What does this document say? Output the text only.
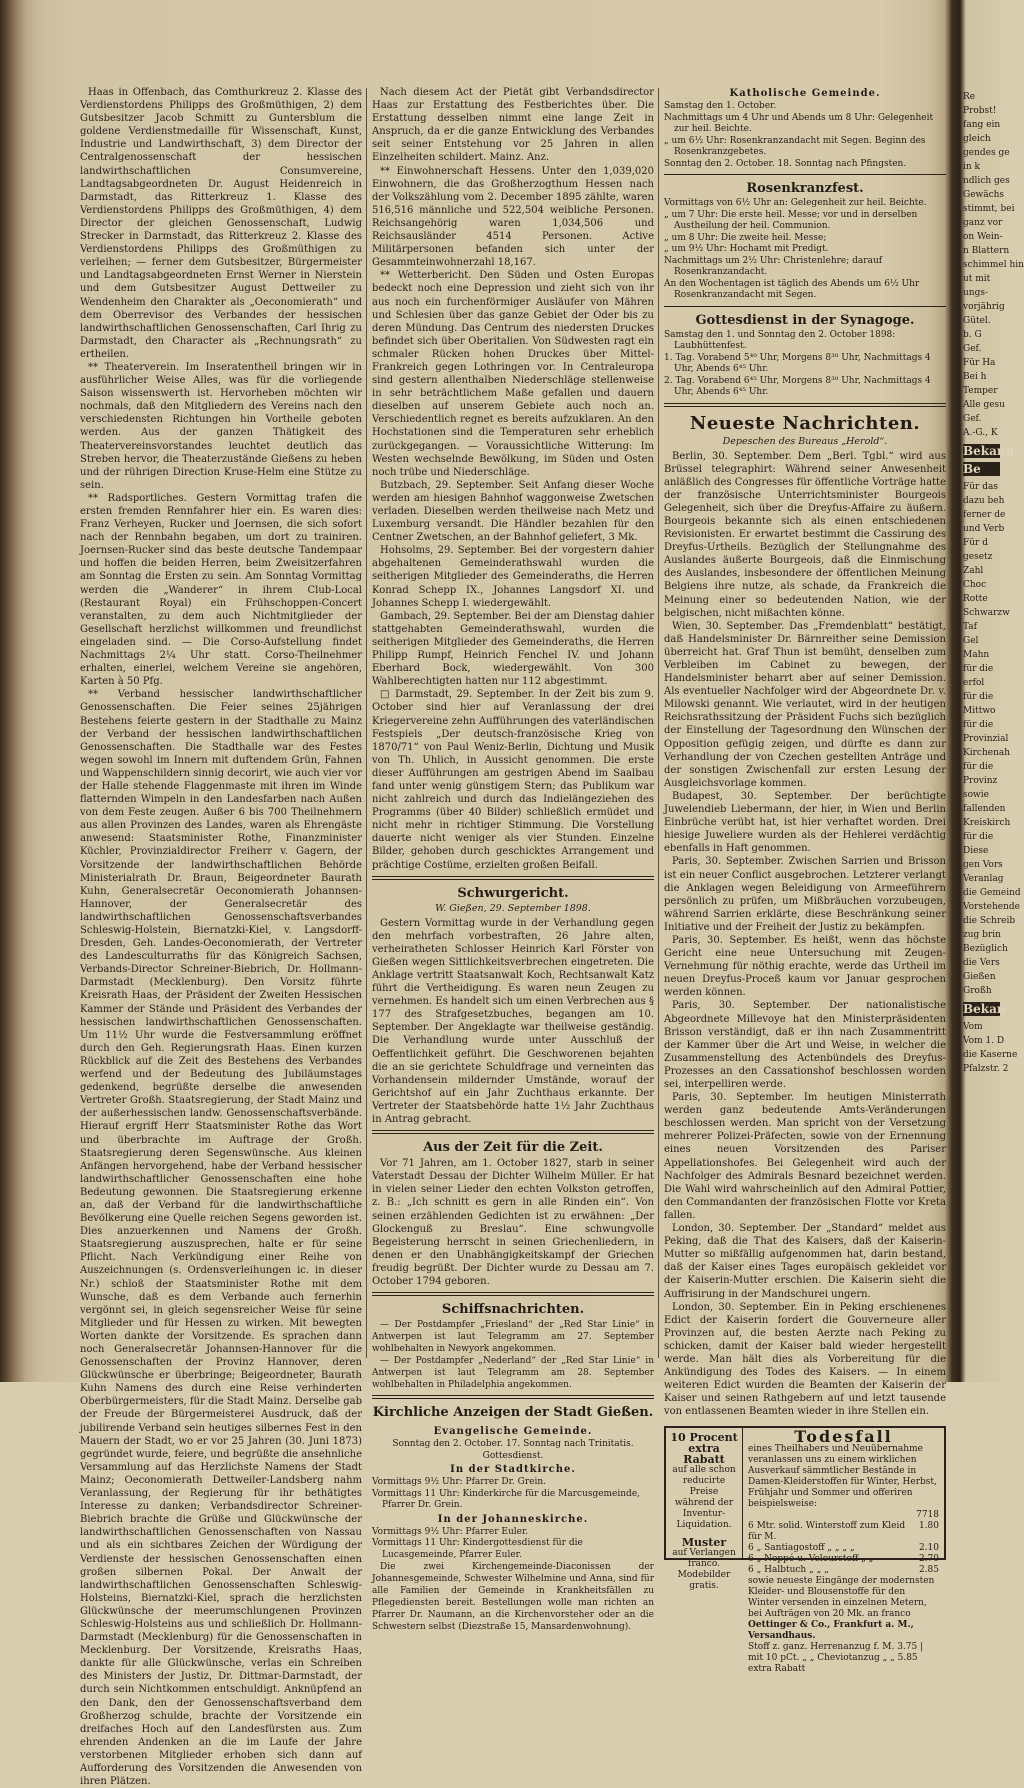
Haas in Offenbach, das Comthurkreuz 2. Klasse des Verdienstordens Philipps des Großmüthigen, 2) dem Gutsbesitzer Jacob Schmitt zu Guntersblum die goldene Verdienstmedaille für Wissenschaft, Kunst, Industrie und Landwirthschaft, 3) dem Director der Centralgenossenschaft der hessischen landwirthschaftlichen Consumvereine, Landtagsabgeordneten Dr. August Heidenreich in Darmstadt, das Ritterkreuz 1. Klasse des Verdienstordens Philipps des Großmüthigen, 4) dem Director der gleichen Genossenschaft, Ludwig Strecker in Darmstadt, das Ritterkreuz 2. Klasse des Verdienstordens Philipps des Großmüthigen zu verleihen; — ferner dem Gutsbesitzer, Bürgermeister und Landtagsabgeordneten Ernst Werner in Nierstein und dem Gutsbesitzer August Dettweiler zu Wendenheim den Charakter als „Oeconomierath“ und dem Oberrevisor des Verbandes der hessischen landwirthschaftlichen Genossenschaften, Carl Ihrig zu Darmstadt, den Character als „Rechnungsrath“ zu ertheilen.

** Theaterverein. Im Inseratentheil bringen wir in ausführlicher Weise Alles, was für die vorliegende Saison wissenswerth ist. Hervorheben möchten wir nochmals, daß den Mitgliedern des Vereins nach den verschiedensten Richtungen hin Vortheile geboten werden. Aus der ganzen Thätigkeit des Theatervereinsvorstandes leuchtet deutlich das Streben hervor, die Theaterzustände Gießens zu heben und der rührigen Direction Kruse-Helm eine Stütze zu sein.

** Radsportliches. Gestern Vormittag trafen die ersten fremden Rennfahrer hier ein. Es waren dies: Franz Verheyen, Rucker und Joernsen, die sich sofort nach der Rennbahn begaben, um dort zu trainiren. Joernsen-Rucker sind das beste deutsche Tandempaar und hoffen die beiden Herren, beim Zweisitzerfahren am Sonntag die Ersten zu sein. Am Sonntag Vormittag werden die „Wanderer“ in ihrem Club-Local (Restaurant Royal) ein Frühschoppen-Concert veranstalten, zu dem auch Nichtmitglieder der Gesellschaft herzlichst willkommen und freundlichst eingeladen sind. — Die Corso-Aufstellung findet Nachmittags 2¼ Uhr statt. Corso-Theilnehmer erhalten, einerlei, welchem Vereine sie angehören, Karten à 50 Pfg.

** Verband hessischer landwirthschaftlicher Genossenschaften. Die Feier seines 25jährigen Bestehens feierte gestern in der Stadthalle zu Mainz der Verband der hessischen landwirthschaftlichen Genossenschaften. Die Stadthalle war des Festes wegen sowohl im Innern mit duftendem Grün, Fahnen und Wappenschildern sinnig decorirt, wie auch vier vor der Halle stehende Flaggenmaste mit ihren im Winde flatternden Wimpeln in den Landesfarben nach Außen von dem Feste zeugen. Außer 6 bis 700 Theilnehmern aus allen Provinzen des Landes, waren als Ehrengäste anwesend: Staatsminister Rothe, Finanzminister Küchler, Provinzialdirector Freiherr v. Gagern, der Vorsitzende der landwirthschaftlichen Behörde Ministerialrath Dr. Braun, Beigeordneter Baurath Kuhn, Generalsecretär Oeconomierath Johannsen-Hannover, der Generalsecretär des landwirthschaftlichen Genossenschaftsverbandes Schleswig-Holstein, Biernatzki-Kiel, v. Langsdorff-Dresden, Geh. Landes-Oeconomierath, der Vertreter des Landesculturraths für das Königreich Sachsen, Verbands-Director Schreiner-Biebrich, Dr. Hollmann-Darmstadt (Mecklenburg). Den Vorsitz führte Kreisrath Haas, der Präsident der Zweiten Hessischen Kammer der Stände und Präsident des Verbandes der hessischen landwirthschaftlichen Genossenschaften. Um 11½ Uhr wurde die Festversammlung eröffnet durch den Geh. Regierungsrath Haas. Einen kurzen Rückblick auf die Zeit des Bestehens des Verbandes werfend und der Bedeutung des Jubiläumstages gedenkend, begrüßte derselbe die anwesenden Vertreter Großh. Staatsregierung, der Stadt Mainz und der außerhessischen landw. Genossenschaftsverbände. Hierauf ergriff Herr Staatsminister Rothe das Wort und überbrachte im Auftrage der Großh. Staatsregierung deren Segenswünsche. Aus kleinen Anfängen hervorgehend, habe der Verband hessischer landwirthschaftlicher Genossenschaften eine hohe Bedeutung gewonnen. Die Staatsregierung erkenne an, daß der Verband für die landwirthschaftliche Bevölkerung eine Quelle reichen Segens geworden ist. Dies anzuerkennen und Namens der Großh. Staatsregierung auszusprechen, halte er für seine Pflicht. Nach Verkündigung einer Reihe von Auszeichnungen (s. Ordensverleihungen ic. in dieser Nr.) schloß der Staatsminister Rothe mit dem Wunsche, daß es dem Verbande auch fernerhin vergönnt sei, in gleich segensreicher Weise für seine Mitglieder und für Hessen zu wirken. Mit bewegten Worten dankte der Vorsitzende. Es sprachen dann noch Generalsecretär Johannsen-Hannover für die Genossenschaften der Provinz Hannover, deren Glückwünsche er überbringe; Beigeordneter, Baurath Kuhn Namens des durch eine Reise verhinderten Oberbürgermeisters, für die Stadt Mainz. Derselbe gab der Freude der Bürgermeisterei Ausdruck, daß der jubilirende Verband sein heutiges silbernes Fest in den Mauern der Stadt, wo er vor 25 Jahren (30. Juni 1873) gegründet wurde, feiere, und begrüßte die ansehnliche Versammlung auf das Herzlichste Namens der Stadt Mainz; Oeconomierath Dettweiler-Landsberg nahm Veranlassung, der Regierung für ihr bethätigtes Interesse zu danken; Verbandsdirector Schreiner-Biebrich brachte die Grüße und Glückwünsche der landwirthschaftlichen Genossenschaften von Nassau und als ein sichtbares Zeichen der Würdigung der Verdienste der hessischen Genossenschaften einen großen silbernen Pokal. Der Anwalt der landwirthschaftlichen Genossenschaften Schleswig-Holsteins, Biernatzki-Kiel, sprach die herzlichsten Glückwünsche der meerumschlungenen Provinzen Schleswig-Holsteins aus und schließlich Dr. Hollmann-Darmstadt (Mecklenburg) für die Genossenschaften in Mecklenburg. Der Vorsitzende, Kreisraths Haas, dankte für alle Glückwünsche, verlas ein Schreiben des Ministers der Justiz, Dr. Dittmar-Darmstadt, der durch sein Nichtkommen entschuldigt. Anknüpfend an den Dank, den der Genossenschaftsverband dem Großherzog schulde, brachte der Vorsitzende ein dreifaches Hoch auf den Landesfürsten aus. Zum ehrenden Andenken an die im Laufe der Jahre verstorbenen Mitglieder erhoben sich dann auf Aufforderung des Vorsitzenden die Anwesenden von ihren Plätzen.

Nach diesem Act der Pietät gibt Verbandsdirector Haas zur Erstattung des Festberichtes über. Die Erstattung desselben nimmt eine lange Zeit in Anspruch, da er die ganze Entwicklung des Verbandes seit seiner Entstehung vor 25 Jahren in allen Einzelheiten schildert. Mainz. Anz.

** Einwohnerschaft Hessens. Unter den 1,039,020 Einwohnern, die das Großherzogthum Hessen nach der Volkszählung vom 2. December 1895 zählte, waren 516,516 männliche und 522,504 weibliche Personen. Reichsangehörig waren 1,034,506 und Reichsausländer 4514 Personen. Active Militärpersonen befanden sich unter der Gesammteinwohnerzahl 18,167.

** Wetterbericht. Den Süden und Osten Europas bedeckt noch eine Depression und zieht sich von ihr aus noch ein furchenförmiger Ausläufer von Mähren und Schlesien über das ganze Gebiet der Oder bis zu deren Mündung. Das Centrum des niedersten Druckes befindet sich über Oberitalien. Von Südwesten ragt ein schmaler Rücken hohen Druckes über Mittel-Frankreich gegen Lothringen vor. In Centraleuropa sind gestern allenthalben Niederschläge stellenweise in sehr beträchtlichem Maße gefallen und dauern dieselben auf unserem Gebiete auch noch an. Verschiedentlich regnet es bereits aufzuklaren. An den Hochstationen sind die Temperaturen sehr erheblich zurückgegangen. — Voraussichtliche Witterung: Im Westen wechselnde Bewölkung, im Süden und Osten noch trübe und Niederschläge.

Butzbach, 29. September. Seit Anfang dieser Woche werden am hiesigen Bahnhof waggonweise Zwetschen verladen. Dieselben werden theilweise nach Metz und Luxemburg versandt. Die Händler bezahlen für den Centner Zwetschen, an der Bahnhof geliefert, 3 Mk.

Hohsolms, 29. September. Bei der vorgestern dahier abgehaltenen Gemeinderathswahl wurden die seitherigen Mitglieder des Gemeinderaths, die Herren Konrad Schepp IX., Johannes Langsdorf XI. und Johannes Schepp I. wiedergewählt.

Gambach, 29. September. Bei der am Dienstag dahier stattgehabten Gemeinderathswahl, wurden die seitherigen Mitglieder des Gemeinderaths, die Herren Philipp Rumpf, Heinrich Fenchel IV. und Johann Eberhard Bock, wiedergewählt. Von 300 Wahlberechtigten hatten nur 112 abgestimmt.

□ Darmstadt, 29. September. In der Zeit bis zum 9. October sind hier auf Veranlassung der drei Kriegervereine zehn Aufführungen des vaterländischen Festspiels „Der deutsch-französische Krieg von 1870/71“ von Paul Weniz-Berlin, Dichtung und Musik von Th. Uhlich, in Aussicht genommen. Die erste dieser Aufführungen am gestrigen Abend im Saalbau fand unter wenig günstigem Stern; das Publikum war nicht zahlreich und durch das Indielängeziehen des Programms (über 40 Bilder) schließlich ermüdet und nicht mehr in richtiger Stimmung. Die Vorstellung dauerte nicht weniger als vier Stunden. Einzelne Bilder, gehoben durch geschicktes Arrangement und prächtige Costüme, erzielten großen Beifall.

Schwurgericht.
W. Gießen, 29. September 1898.

Gestern Vormittag wurde in der Verhandlung gegen den mehrfach vorbestraften, 26 Jahre alten, verheiratheten Schlosser Heinrich Karl Förster von Gießen wegen Sittlichkeitsverbrechen eingetreten. Die Anklage vertritt Staatsanwalt Koch, Rechtsanwalt Katz führt die Vertheidigung. Es waren neun Zeugen zu vernehmen. Es handelt sich um einen Verbrechen aus § 177 des Strafgesetzbuches, begangen am 10. September. Der Angeklagte war theilweise geständig. Die Verhandlung wurde unter Ausschluß der Oeffentlichkeit geführt. Die Geschworenen bejahten die an sie gerichtete Schuldfrage und verneinten das Vorhandensein mildernder Umstände, worauf der Gerichtshof auf ein Jahr Zuchthaus erkannte. Der Vertreter der Staatsbehörde hatte 1½ Jahr Zuchthaus in Antrag gebracht.

Aus der Zeit für die Zeit.

Vor 71 Jahren, am 1. October 1827, starb in seiner Vaterstadt Dessau der Dichter Wilhelm Müller. Er hat in vielen seiner Lieder den echten Volkston getroffen, z. B.: „Ich schnitt es gern in alle Rinden ein“. Von seinen erzählenden Gedichten ist zu erwähnen: „Der Glockenguß zu Breslau“. Eine schwungvolle Begeisterung herrscht in seinen Griechenliedern, in denen er den Unabhängigkeitskampf der Griechen freudig begrüßt. Der Dichter wurde zu Dessau am 7. October 1794 geboren.

Schiffsnachrichten.

— Der Postdampfer „Friesland“ der „Red Star Linie“ in Antwerpen ist laut Telegramm am 27. September wohlbehalten in Newyork angekommen.

— Der Postdampfer „Nederland“ der „Red Star Linie“ in Antwerpen ist laut Telegramm am 28. September wohlbehalten in Philadelphia angekommen.

Kirchliche Anzeigen der Stadt Gießen.
Evangelische Gemeinde.

Sonntag den 2. October. 17. Sonntag nach Trinitatis.

Gottesdienst.

In der Stadtkirche.

Vormittags 9½ Uhr: Pfarrer Dr. Grein.

Vormittags 11 Uhr: Kinderkirche für die Marcusgemeinde, Pfarrer Dr. Grein.

In der Johanneskirche.

Vormittags 9½ Uhr: Pfarrer Euler.

Vormittags 11 Uhr: Kindergottesdienst für die Lucasgemeinde, Pfarrer Euler.

Die zwei Kirchengemeinde-Diaconissen der Johannesgemeinde, Schwester Wilhelmine und Anna, sind für alle Familien der Gemeinde in Krankheitsfällen zu Pflegediensten bereit. Bestellungen wolle man richten an Pfarrer Dr. Naumann, an die Kirchenvorsteher oder an die Schwestern selbst (Diezstraße 15, Mansardenwohnung).

Katholische Gemeinde.

Samstag den 1. October.

Nachmittags um 4 Uhr und Abends um 8 Uhr: Gelegenheit zur heil. Beichte.

„ um 6½ Uhr: Rosenkranzandacht mit Segen. Beginn des Rosenkranzgebetes.

Sonntag den 2. October. 18. Sonntag nach Pfingsten.

Rosenkranzfest.

Vormittags von 6½ Uhr an: Gelegenheit zur heil. Beichte.

„ um 7 Uhr: Die erste heil. Messe; vor und in derselben Austheilung der heil. Communion.

„ um 8 Uhr: Die zweite heil. Messe;

„ um 9½ Uhr: Hochamt mit Predigt.

Nachmittags um 2½ Uhr: Christenlehre; darauf Rosenkranzandacht.

An den Wochentagen ist täglich des Abends um 6½ Uhr Rosenkranzandacht mit Segen.

Gottesdienst in der Synagoge.

Samstag den 1. und Sonntag den 2. October 1898: Laubhüttenfest.

1. Tag. Vorabend 5⁴⁰ Uhr, Morgens 8³⁰ Uhr, Nachmittags 4 Uhr, Abends 6⁴⁵ Uhr.

2. Tag. Vorabend 6⁴⁵ Uhr, Morgens 8³⁰ Uhr, Nachmittags 4 Uhr, Abends 6⁴⁵ Uhr.

Neueste Nachrichten.
Depeschen des Bureaus „Herold“.

Berlin, 30. September. Dem „Berl. Tgbl.“ wird aus Brüssel telegraphirt: Während seiner Anwesenheit anläßlich des Congresses für öffentliche Vorträge hatte der französische Unterrichtsminister Bourgeois Gelegenheit, sich über die Dreyfus-Affaire zu äußern. Bourgeois bekannte sich als einen entschiedenen Revisionisten. Er erwartet bestimmt die Cassirung des Dreyfus-Urtheils. Bezüglich der Stellungnahme des Auslandes äußerte Bourgeois, daß die Einmischung des Auslandes, insbesondere der öffentlichen Meinung Belgiens ihre nutze, als schade, da Frankreich die Meinung einer so bedeutenden Nation, wie der belgischen, nicht mißachten könne.

Wien, 30. September. Das „Fremdenblatt“ bestätigt, daß Handelsminister Dr. Bärnreither seine Demission überreicht hat. Graf Thun ist bemüht, denselben zum Verbleiben im Cabinet zu bewegen, der Handelsminister beharrt aber auf seiner Demission. Als eventueller Nachfolger wird der Abgeordnete Dr. v. Milowski genannt. Wie verlautet, wird in der heutigen Reichsrathssitzung der Präsident Fuchs sich bezüglich der Einstellung der Tagesordnung den Wünschen der Opposition gefügig zeigen, und dürfte es dann zur Verhandlung der von Czechen gestellten Anträge und der sonstigen Zwischenfall zur ersten Lesung der Ausgleichsvorlage kommen.

Budapest, 30. September. Der berüchtigte Juwelendieb Liebermann, der hier, in Wien und Berlin Einbrüche verübt hat, ist hier verhaftet worden. Drei hiesige Juweliere wurden als der Hehlerei verdächtig ebenfalls in Haft genommen.

Paris, 30. September. Zwischen Sarrien und Brisson ist ein neuer Conflict ausgebrochen. Letzterer verlangt die Anklagen wegen Beleidigung von Armeeführern persönlich zu prüfen, um Mißbräuchen vorzubeugen, während Sarrien erklärte, diese Beschränkung seiner Initiative und der Freiheit der Justiz zu bekämpfen.

Paris, 30. September. Es heißt, wenn das höchste Gericht eine neue Untersuchung mit Zeugen-Vernehmung für nöthig erachte, werde das Urtheil im neuen Dreyfus-Proceß kaum vor Januar gesprochen werden können.

Paris, 30. September. Der nationalistische Abgeordnete Millevoye hat den Ministerpräsidenten Brisson verständigt, daß er ihn nach Zusammentritt der Kammer über die Art und Weise, in welcher die Zusammenstellung des Actenbündels des Dreyfus-Prozesses an den Cassationshof beschlossen worden sei, interpelliren werde.

Paris, 30. September. Im heutigen Ministerrath werden ganz bedeutende Amts-Veränderungen beschlossen werden. Man spricht von der Versetzung mehrerer Polizei-Präfecten, sowie von der Ernennung eines neuen Vorsitzenden des Pariser Appellationshofes. Bei Gelegenheit wird auch der Nachfolger des Admirals Besnard bezeichnet werden. Die Wahl wird wahrscheinlich auf den Admiral Pottier, den Commandanten der französischen Flotte vor Kreta fallen.

London, 30. September. Der „Standard“ meldet aus Peking, daß die That des Kaisers, daß der Kaiserin-Mutter so mißfällig aufgenommen hat, darin bestand, daß der Kaiser eines Tages europäisch gekleidet vor der Kaiserin-Mutter erschien. Die Kaiserin sieht die Auffrisirung in der Mandschurei ungern.

London, 30. September. Ein in Peking erschienenes Edict der Kaiserin fordert die Gouverneure aller Provinzen auf, die besten Aerzte nach Peking zu schicken, damit der Kaiser bald wieder hergestellt werde. Man hält dies als Vorbereitung für die Ankündigung des Todes des Kaisers. — In einem weiteren Edict wurden die Beamten der Kaiserin der Kaiser und seinen Rathgebern auf und letzt tausende von entlassenen Beamten wieder in ihre Stellen ein.

10 Procent extra Rabatt
auf alle schon reducirte Preise während der Inventur-Liquidation.
Muster
auf Verlangen franco. Modebilder gratis.
Todesfall
eines Theilhabers und Neuübernahme veranlassen uns zu einem wirklichen Ausverkauf sämmtlicher Bestände in Damen-Kleiderstoffen für Winter, Herbst, Frühjahr und Sommer und offeriren beispielsweise:
7718
6 Mtr. solid. Winterstoff zum Kleid für M.
1.80
6 „ Santiagostoff „ „ „ „	2.10
6 „ Noppé-u. Velourstoff „ „	2.70
6 „ Halbtuch „ „ „	2.85
sowie neueste Eingänge der modernsten Kleider- und Blousenstoffe für den Winter versenden in einzelnen Metern, bei Aufträgen von 20 Mk. an franco
Oettinger & Co., Frankfurt a. M., Versandhaus.
Stoff z. ganz. Herrenanzug f. M. 3.75 | mit 10 pCt. „ „ Cheviotanzug „ „ 5.85 extra Rabatt
Re
Probst!
fang ein
gleich
gendes ge
in k
ndlich ges
Gewächs
stimmt, bei
ganz vor
on Wein-
n Blattern
schimmel hin
ut mit
ungs-
vorjährig
Gütel.
b. G
Gef.
Für Ha
Bei h
Temper
Alle gesu
Gef.
A.-G., K
Bekann
Be
Für das
dazu beh
ferner de
und Verb
Für d
gesetz
Zahl
Choc
Rotte
Schwarzw
Taf
Gel
Mahn
für die
erfol
für die
Mittwo
für die
Provinzial
Kirchenah
für die
Provinz
sowie
fallenden
Kreiskirch
für die
Diese
gen Vors
Veranlag
die Gemeind
Vorstehende
die Schreib
zug brin
Bezüglich
die Vers
Gießen
Großh
Bekan
Vom
Vom 1. D
die Kaserne
Pfalzstr. 2
